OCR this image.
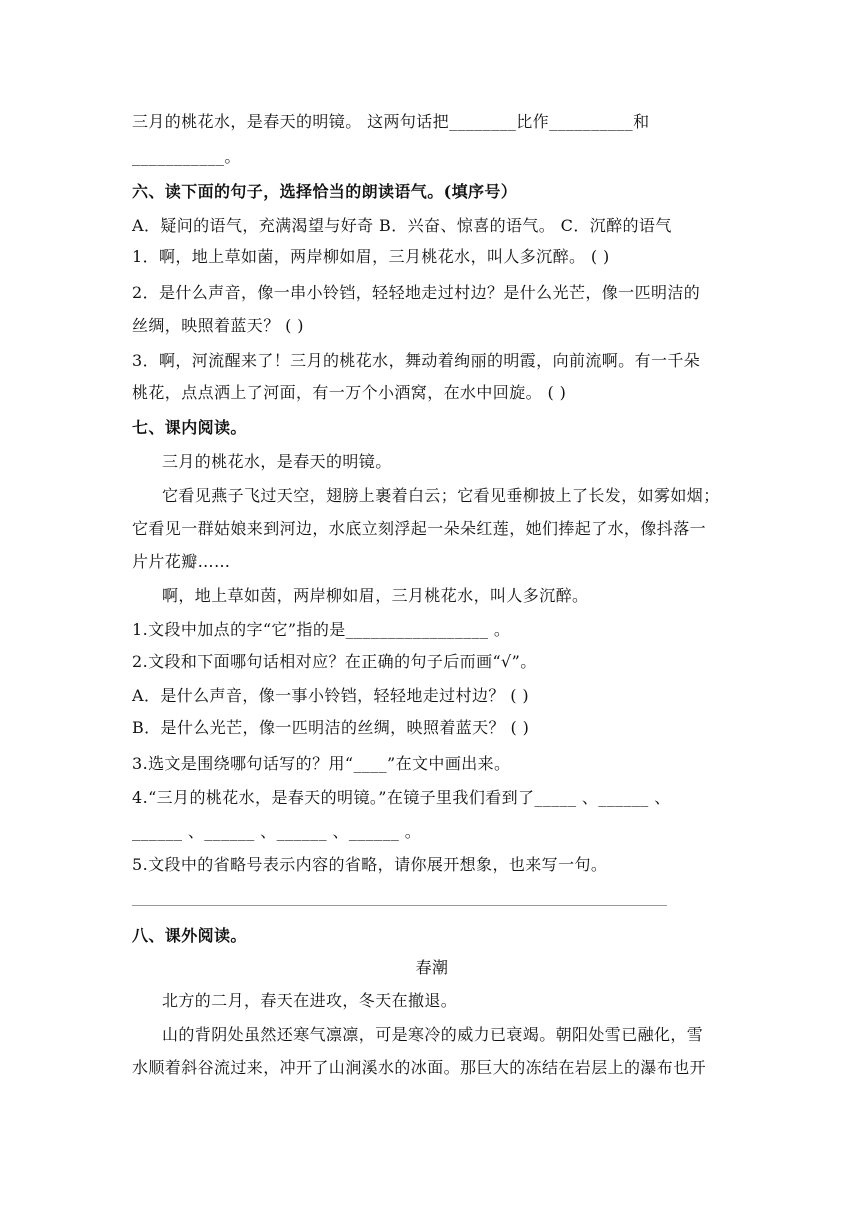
三月的桃花水，是春天的明镜。 这两句话把________比作__________和
___________。
六、读下面的句子，选择恰当的朗读语气。(填序号）
A．疑问的语气，充满渴望与好奇 B．兴奋、惊喜的语气。 C．沉醉的语气
1．啊，地上草如菌，两岸柳如眉，三月桃花水，叫人多沉醉。 ( )
2．是什么声音，像一串小铃铛，轻轻地走过村边？是什么光芒，像一匹明洁的
丝绸，映照着蓝天？ ( )
3．啊，河流醒来了！三月的桃花水，舞动着绚丽的明霞，向前流啊。有一千朵
桃花，点点洒上了河面，有一万个小酒窝，在水中回旋。 ( )
七、课内阅读。
三月的桃花水，是春天的明镜。
它看见燕子飞过天空，翅膀上裹着白云；它看见垂柳披上了长发，如雾如烟；
它看见一群姑娘来到河边，水底立刻浮起一朵朵红莲，她们捧起了水，像抖落一
片片花瓣……
啊，地上草如茵，两岸柳如眉，三月桃花水，叫人多沉醉。
1.文段中加点的字“它”指的是_________________ 。
2.文段和下面哪句话相对应？在正确的句子后而画“√”。
A．是什么声音，像一事小铃铛，轻轻地走过村边？ ( )
B．是什么光芒，像一匹明洁的丝绸，映照着蓝天？ ( )
3.选文是围绕哪句话写的？用“____”在文中画出来。
4.“三月的桃花水，是春天的明镜。”在镜子里我们看到了_____ 、______ 、
______ 、______ 、______ 、______ 。
5.文段中的省略号表示内容的省略，请你展开想象，也来写一句。
八、课外阅读。
春潮
北方的二月，春天在进攻，冬天在撤退。
山的背阴处虽然还寒气凛凛，可是寒冷的威力已衰竭。朝阳处雪已融化，雪
水顺着斜谷流过来，冲开了山涧溪水的冰面。那巨大的冻结在岩层上的瀑布也开
